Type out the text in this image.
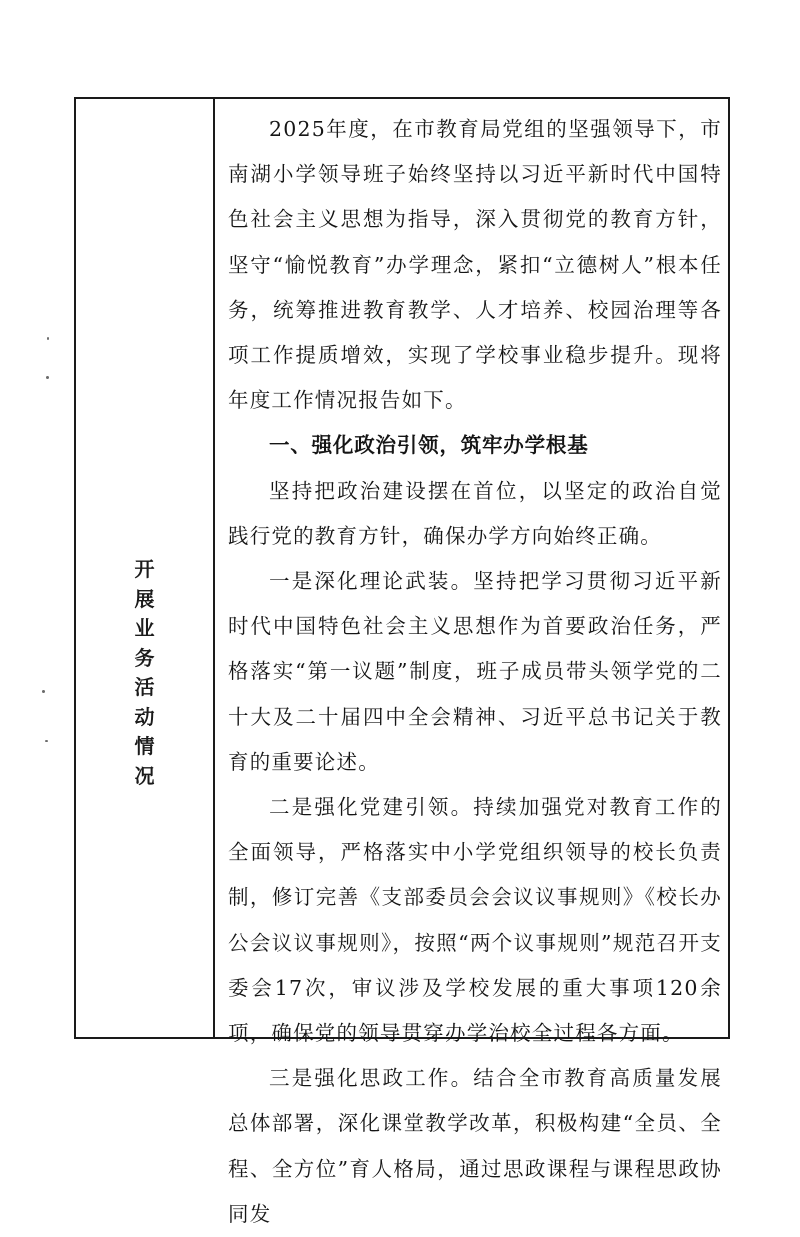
开
展
业
务
活
动
情
况

2025年度，在市教育局党组的坚强领导下，市南湖小学领导班子始终坚持以习近平新时代中国特色社会主义思想为指导，深入贯彻党的教育方针，坚守“愉悦教育”办学理念，紧扣“立德树人”根本任务，统筹推进教育教学、人才培养、校园治理等各项工作提质增效，实现了学校事业稳步提升。现将年度工作情况报告如下。

一、强化政治引领，筑牢办学根基

坚持把政治建设摆在首位，以坚定的政治自觉践行党的教育方针，确保办学方向始终正确。

一是深化理论武装。坚持把学习贯彻习近平新时代中国特色社会主义思想作为首要政治任务，严格落实“第一议题”制度，班子成员带头领学党的二十大及二十届四中全会精神、习近平总书记关于教育的重要论述。

二是强化党建引领。持续加强党对教育工作的全面领导，严格落实中小学党组织领导的校长负责制，修订完善《支部委员会会议议事规则》《校长办公会议议事规则》，按照“两个议事规则”规范召开支委会17次，审议涉及学校发展的重大事项120余项，确保党的领导贯穿办学治校全过程各方面。

三是强化思政工作。结合全市教育高质量发展总体部署，深化课堂教学改革，积极构建“全员、全程、全方位”育人格局，通过思政课程与课程思政协同发
